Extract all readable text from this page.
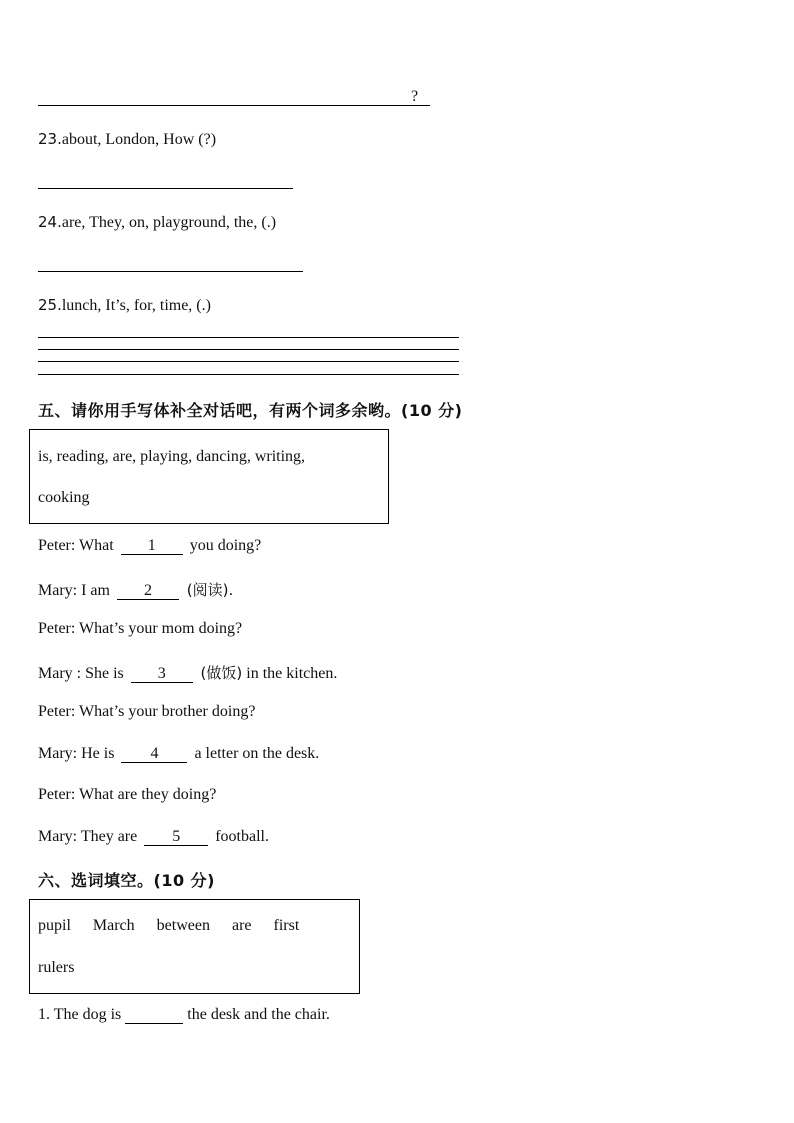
?
23.about, London, How (?)
24.are, They, on, playground, the, (.)
25.lunch, It’s, for, time, (.)
五、请你用手写体补全对话吧，有两个词多余哟。(10 分)
is, reading, are, playing, dancing, writing,
cooking
Peter: What 1 you doing?
Mary: I am 2 (阅读).
Peter: What’s your mom doing?
Mary : She is 3 (做饭) in the kitchen.
Peter: What’s your brother doing?
Mary: He is 4 a letter on the desk.
Peter: What are they doing?
Mary: They are 5 football.
六、选词填空。(10 分)
pupil March between are first
rulers
1. The dog is	the desk and the chair.
